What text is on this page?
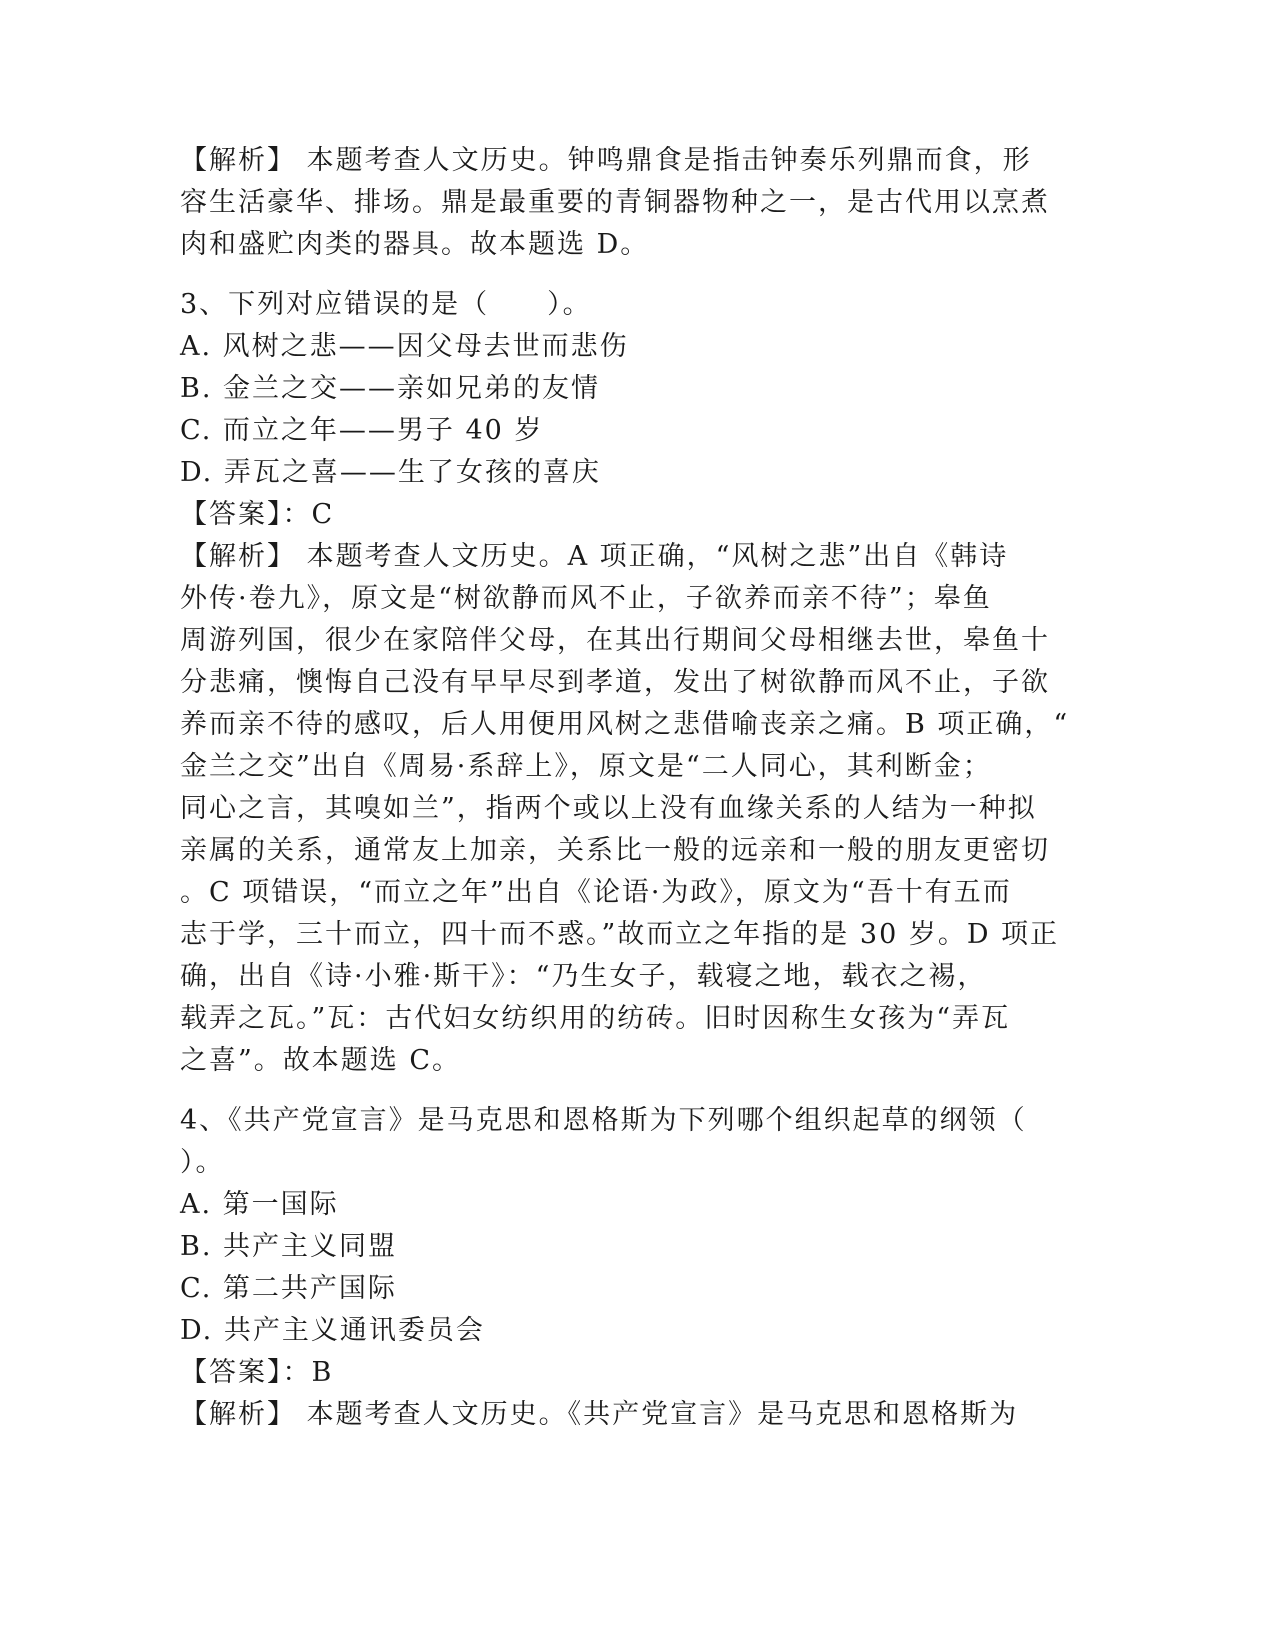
【解析】 本题考查人文历史。钟鸣鼎食是指击钟奏乐列鼎而食，形
容生活豪华、排场。鼎是最重要的青铜器物种之一，是古代用以烹煮
肉和盛贮肉类的器具。故本题选 D。
3、下列对应错误的是（　　）。
A. 风树之悲——因父母去世而悲伤
B. 金兰之交——亲如兄弟的友情
C. 而立之年——男子 40 岁
D. 弄瓦之喜——生了女孩的喜庆
【答案】：C
【解析】 本题考查人文历史。A 项正确，“风树之悲”出自《韩诗
外传·卷九》，原文是“树欲静而风不止，子欲养而亲不待”；皋鱼
周游列国，很少在家陪伴父母，在其出行期间父母相继去世，皋鱼十
分悲痛，懊悔自己没有早早尽到孝道，发出了树欲静而风不止，子欲
养而亲不待的感叹，后人用便用风树之悲借喻丧亲之痛。B 项正确，“
金兰之交”出自《周易·系辞上》，原文是“二人同心，其利断金；
同心之言，其嗅如兰”，指两个或以上没有血缘关系的人结为一种拟
亲属的关系，通常友上加亲，关系比一般的远亲和一般的朋友更密切
。C 项错误，“而立之年”出自《论语·为政》，原文为“吾十有五而
志于学，三十而立，四十而不惑。”故而立之年指的是 30 岁。D 项正
确，出自《诗·小雅·斯干》：“乃生女子，载寝之地，载衣之裼，
载弄之瓦。”瓦：古代妇女纺织用的纺砖。旧时因称生女孩为“弄瓦
之喜”。故本题选 C。
4、《共产党宣言》是马克思和恩格斯为下列哪个组织起草的纲领（
）。
A. 第一国际
B. 共产主义同盟
C. 第二共产国际
D. 共产主义通讯委员会
【答案】：B
【解析】 本题考查人文历史。《共产党宣言》是马克思和恩格斯为
